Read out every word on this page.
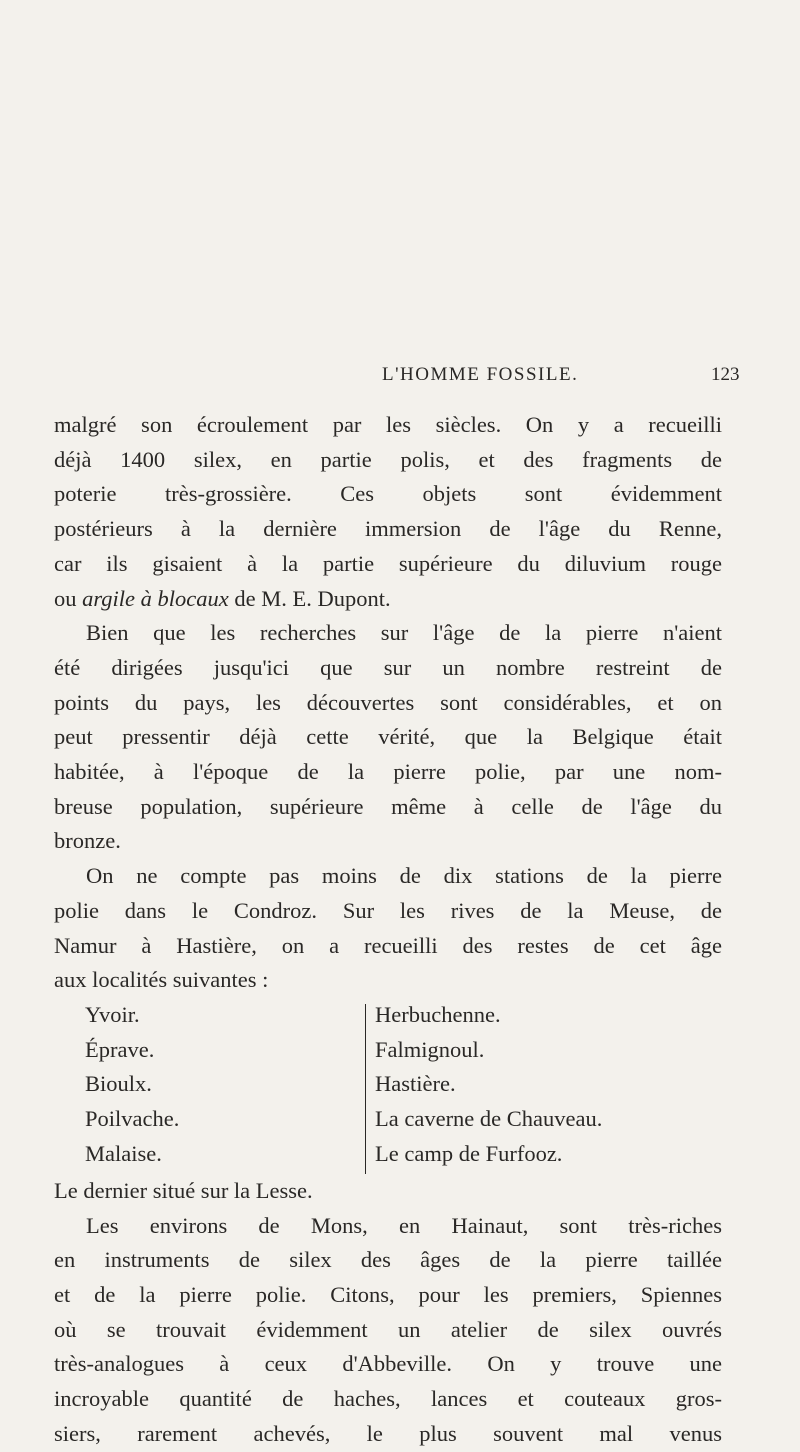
L'HOMME FOSSILE.	123

malgré son écroulement par les siècles. On y a recueilli

déjà 1400 silex, en partie polis, et des fragments de

poterie très-grossière. Ces objets sont évidemment

postérieurs à la dernière immersion de l'âge du Renne,

car ils gisaient à la partie supérieure du diluvium rouge

ou argile à blocaux de M. E. Dupont.

Bien que les recherches sur l'âge de la pierre n'aient

été dirigées jusqu'ici que sur un nombre restreint de

points du pays, les découvertes sont considérables, et on

peut pressentir déjà cette vérité, que la Belgique était

habitée, à l'époque de la pierre polie, par une nom-

breuse population, supérieure même à celle de l'âge du

bronze.

On ne compte pas moins de dix stations de la pierre

polie dans le Condroz. Sur les rives de la Meuse, de

Namur à Hastière, on a recueilli des restes de cet âge

aux localités suivantes :

Yvoir.
Éprave.
Bioulx.
Poilvache.
Malaise.
Herbuchenne.
Falmignoul.
Hastière.
La caverne de Chauveau.
Le camp de Furfooz.

Le dernier situé sur la Lesse.

Les environs de Mons, en Hainaut, sont très-riches

en instruments de silex des âges de la pierre taillée

et de la pierre polie. Citons, pour les premiers, Spiennes

où se trouvait évidemment un atelier de silex ouvrés

très-analogues à ceux d'Abbeville. On y trouve une

incroyable quantité de haches, lances et couteaux gros-

siers, rarement achevés, le plus souvent mal venus
